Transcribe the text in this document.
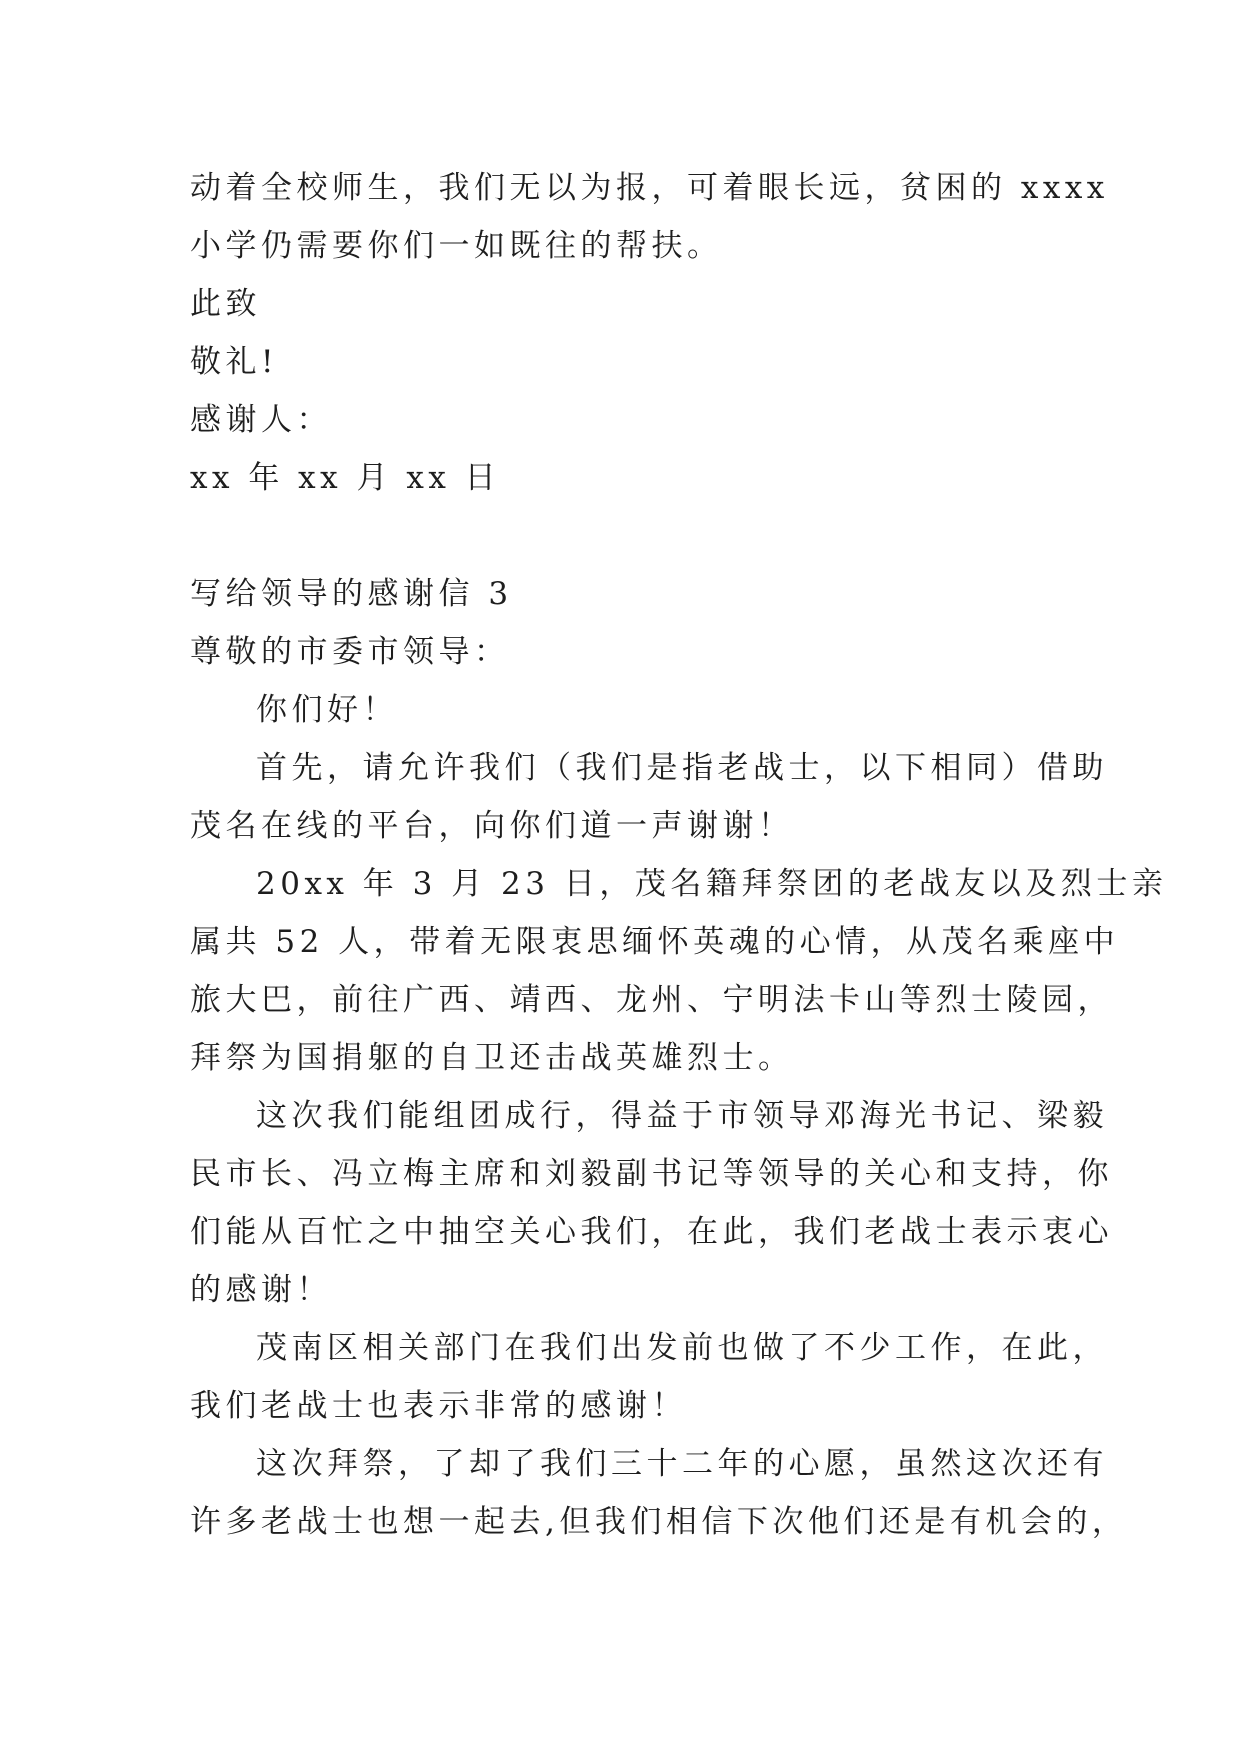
动着全校师生，我们无以为报，可着眼长远，贫困的 xxxx
小学仍需要你们一如既往的帮扶。
此致
敬礼!
感谢人：
xx 年 xx 月 xx 日
写给领导的感谢信 3
尊敬的市委市领导：
你们好！
首先，请允许我们（我们是指老战士，以下相同）借助
茂名在线的平台，向你们道一声谢谢！
20xx 年 3 月 23 日，茂名籍拜祭团的老战友以及烈士亲
属共 52 人，带着无限衷思缅怀英魂的心情，从茂名乘座中
旅大巴，前往广西、靖西、龙州、宁明法卡山等烈士陵园，
拜祭为国捐躯的自卫还击战英雄烈士。
这次我们能组团成行，得益于市领导邓海光书记、梁毅
民市长、冯立梅主席和刘毅副书记等领导的关心和支持，你
们能从百忙之中抽空关心我们，在此，我们老战士表示衷心
的感谢！
茂南区相关部门在我们出发前也做了不少工作，在此，
我们老战士也表示非常的感谢！
这次拜祭，了却了我们三十二年的心愿，虽然这次还有
许多老战士也想一起去,但我们相信下次他们还是有机会的，
